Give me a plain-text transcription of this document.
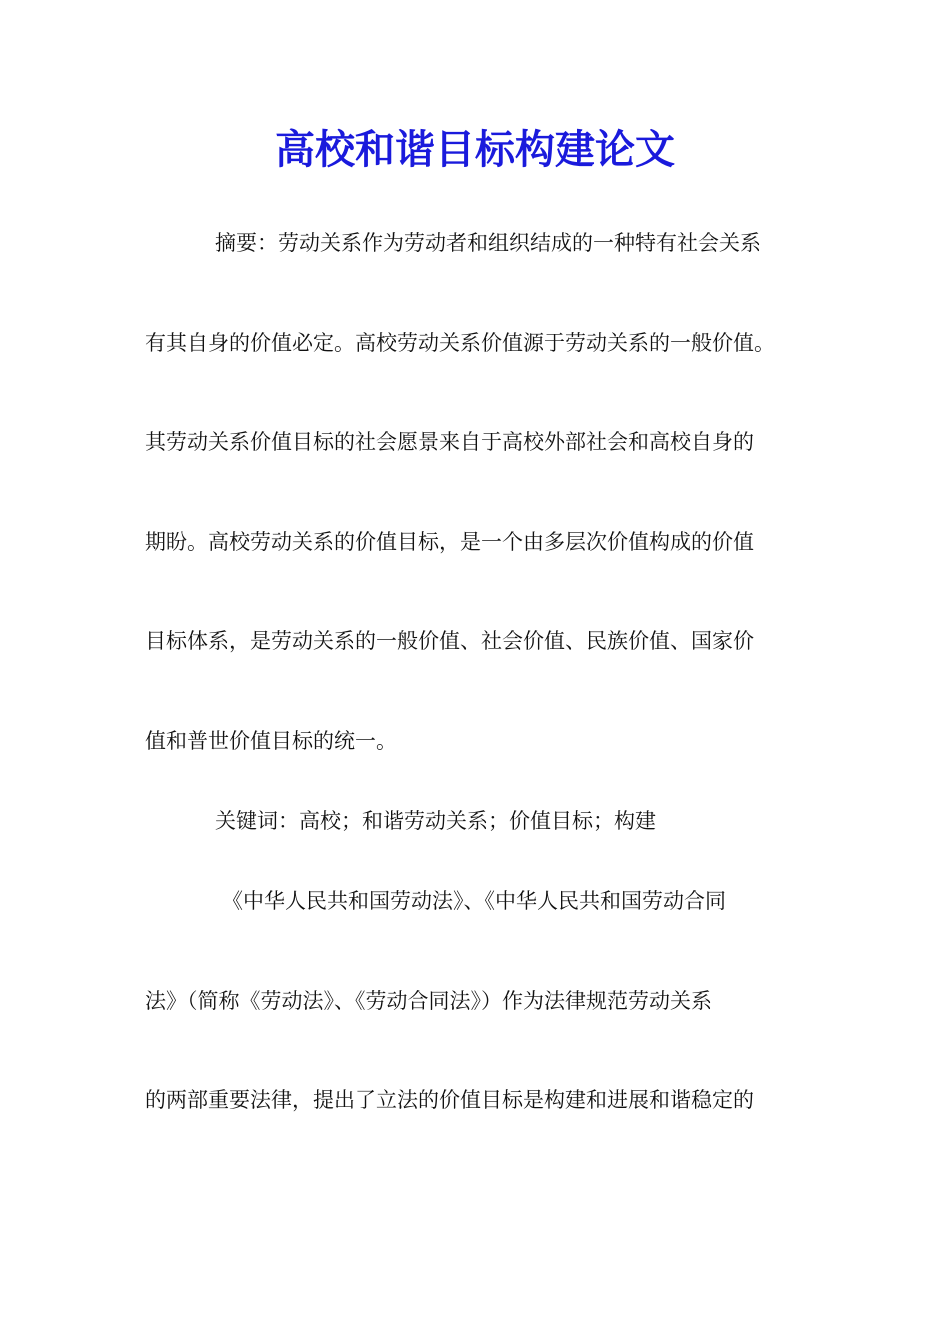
高校和谐目标构建论文
摘要：劳动关系作为劳动者和组织结成的一种特有社会关系
有其自身的价值必定。高校劳动关系价值源于劳动关系的一般价值。
其劳动关系价值目标的社会愿景来自于高校外部社会和高校自身的
期盼。高校劳动关系的价值目标，是一个由多层次价值构成的价值
目标体系，是劳动关系的一般价值、社会价值、民族价值、国家价
值和普世价值目标的统一。
关键词：高校；和谐劳动关系；价值目标；构建
《中华人民共和国劳动法》、《中华人民共和国劳动合同
法》（简称《劳动法》、《劳动合同法》）作为法律规范劳动关系
的两部重要法律，提出了立法的价值目标是构建和进展和谐稳定的
